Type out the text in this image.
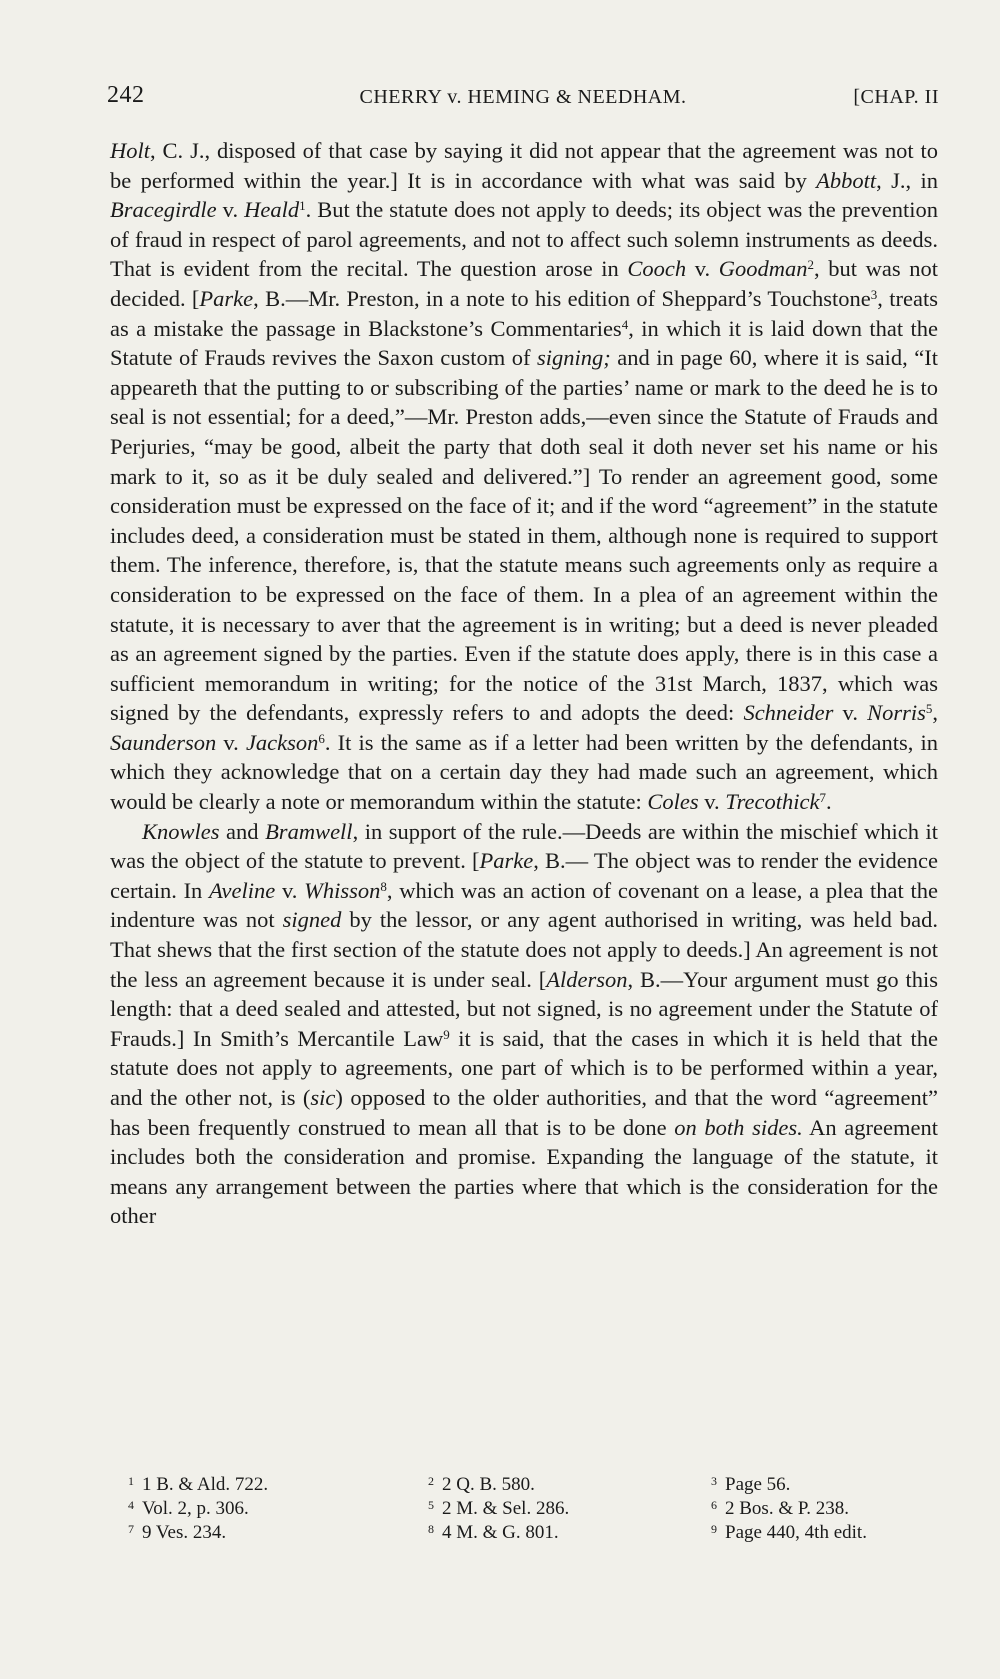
242	CHERRY v. HEMING & NEEDHAM.	[CHAP. II

Holt, C. J., disposed of that case by saying it did not appear that the agreement was not to be performed within the year.] It is in accordance with what was said by Abbott, J., in Bracegirdle v. Heald$^1$. But the statute does not apply to deeds; its object was the prevention of fraud in respect of parol agreements, and not to affect such solemn instruments as deeds. That is evident from the recital. The question arose in Cooch v. Goodman$^2$, but was not decided. [Parke, B.—Mr. Preston, in a note to his edition of Sheppard’s Touchstone$^3$, treats as a mistake the passage in Blackstone’s Commentaries$^4$, in which it is laid down that the Statute of Frauds revives the Saxon custom of signing; and in page 60, where it is said, “It appeareth that the putting to or subscribing of the parties’ name or mark to the deed he is to seal is not essential; for a deed,”—Mr. Preston adds,—even since the Statute of Frauds and Perjuries, “may be good, albeit the party that doth seal it doth never set his name or his mark to it, so as it be duly sealed and delivered.”] To render an agreement good, some consideration must be expressed on the face of it; and if the word “agreement” in the statute includes deed, a consideration must be stated in them, although none is required to support them. The inference, therefore, is, that the statute means such agreements only as require a consideration to be expressed on the face of them. In a plea of an agreement within the statute, it is necessary to aver that the agreement is in writing; but a deed is never pleaded as an agreement signed by the parties. Even if the statute does apply, there is in this case a sufficient memorandum in writing; for the notice of the 31st March, 1837, which was signed by the defendants, expressly refers to and adopts the deed: Schneider v. Norris$^5$, Saunderson v. Jackson$^6$. It is the same as if a letter had been written by the defendants, in which they acknowledge that on a certain day they had made such an agreement, which would be clearly a note or memorandum within the statute: Coles v. Trecothick$^7$.

Knowles and Bramwell, in support of the rule.—Deeds are within the mischief which it was the object of the statute to prevent. [Parke, B.— The object was to render the evidence certain. In Aveline v. Whisson$^8$, which was an action of covenant on a lease, a plea that the indenture was not signed by the lessor, or any agent authorised in writing, was held bad. That shews that the first section of the statute does not apply to deeds.] An agreement is not the less an agreement because it is under seal. [Alderson, B.—Your argument must go this length: that a deed sealed and attested, but not signed, is no agreement under the Statute of Frauds.] In Smith’s Mercantile Law$^9$ it is said, that the cases in which it is held that the statute does not apply to agreements, one part of which is to be performed within a year, and the other not, is (sic) opposed to the older authorities, and that the word “agreement” has been frequently construed to mean all that is to be done on both sides. An agreement includes both the consideration and promise. Expanding the language of the statute, it means any arrangement between the parties where that which is the consideration for the other

$^1$ 1 B. & Ald. 722.	$^2$ 2 Q. B. 580.	$^3$ Page 56.
$^4$ Vol. 2, p. 306.	$^5$ 2 M. & Sel. 286.	$^6$ 2 Bos. & P. 238.
$^7$ 9 Ves. 234.	$^8$ 4 M. & G. 801.	$^9$ Page 440, 4th edit.
